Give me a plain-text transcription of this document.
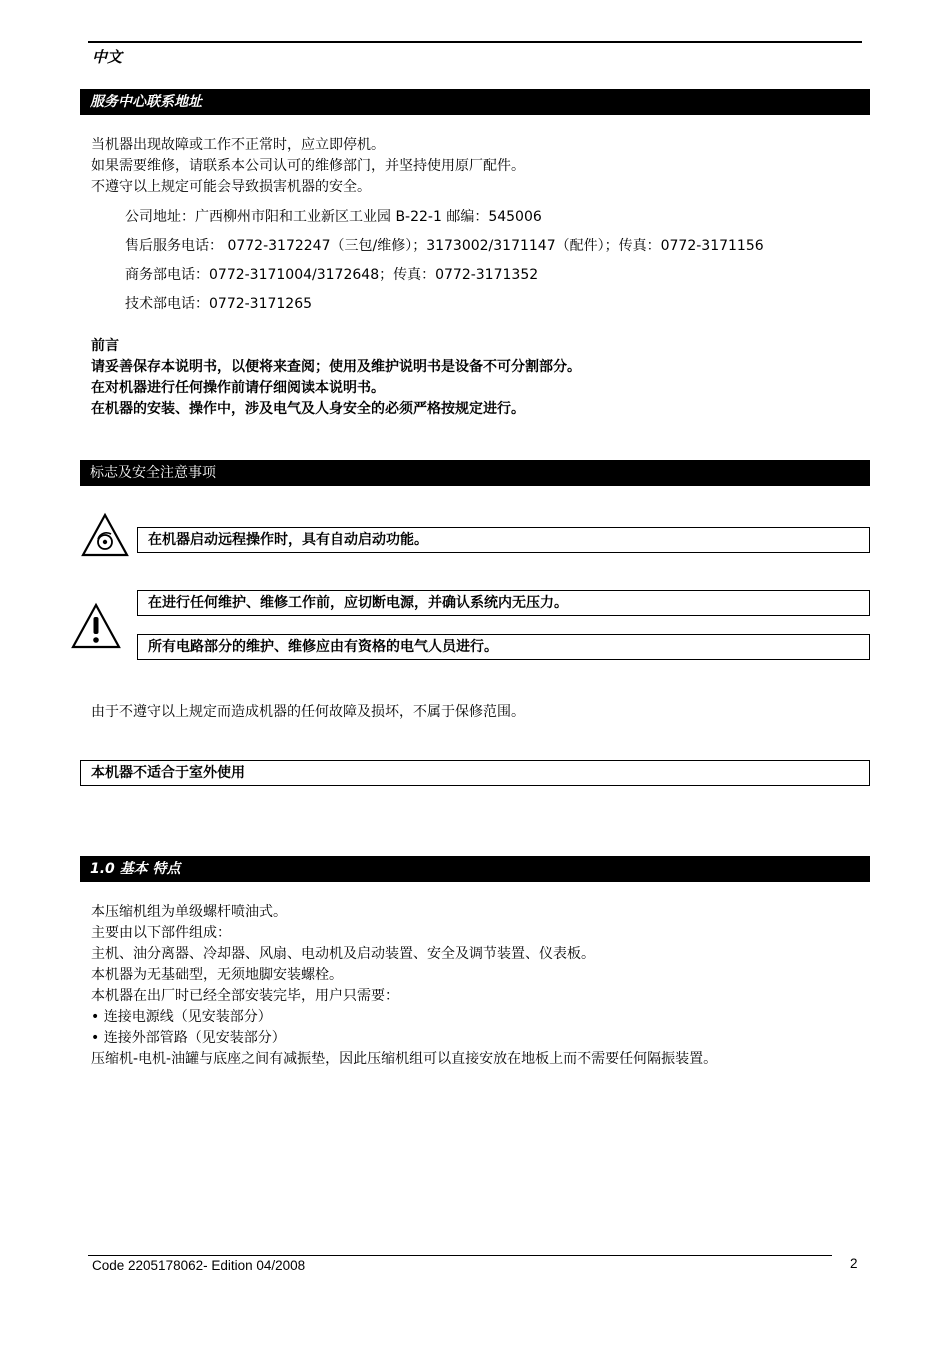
中文
服务中心联系地址
当机器出现故障或工作不正常时，应立即停机。
如果需要维修，请联系本公司认可的维修部门，并坚持使用原厂配件。
不遵守以上规定可能会导致损害机器的安全。
公司地址：广西柳州市阳和工业新区工业园 B-22-1 邮编：545006
售后服务电话： 0772-3172247（三包/维修）；3173002/3171147（配件）；传真：0772-3171156
商务部电话：0772-3171004/3172648；传真：0772-3171352
技术部电话：0772-3171265
前言
请妥善保存本说明书，以便将来查阅；使用及维护说明书是设备不可分割部分。
在对机器进行任何操作前请仔细阅读本说明书。
在机器的安装、操作中，涉及电气及人身安全的必须严格按规定进行。
标志及安全注意事项
在机器启动远程操作时，具有自动启动功能。
在进行任何维护、维修工作前，应切断电源，并确认系统内无压力。
所有电路部分的维护、维修应由有资格的电气人员进行。
由于不遵守以上规定而造成机器的任何故障及损坏，不属于保修范围。
本机器不适合于室外使用
1.0 基本 特点
本压缩机组为单级螺杆喷油式。
主要由以下部件组成：
主机、油分离器、冷却器、风扇、电动机及启动装置、安全及调节装置、仪表板。
本机器为无基础型，无须地脚安装螺栓。
本机器在出厂时已经全部安装完毕，用户只需要：
• 连接电源线（见安装部分）
• 连接外部管路（见安装部分）
压缩机-电机-油罐与底座之间有减振垫，因此压缩机组可以直接安放在地板上而不需要任何隔振装置。
Code 2205178062- Edition 04/2008	2
